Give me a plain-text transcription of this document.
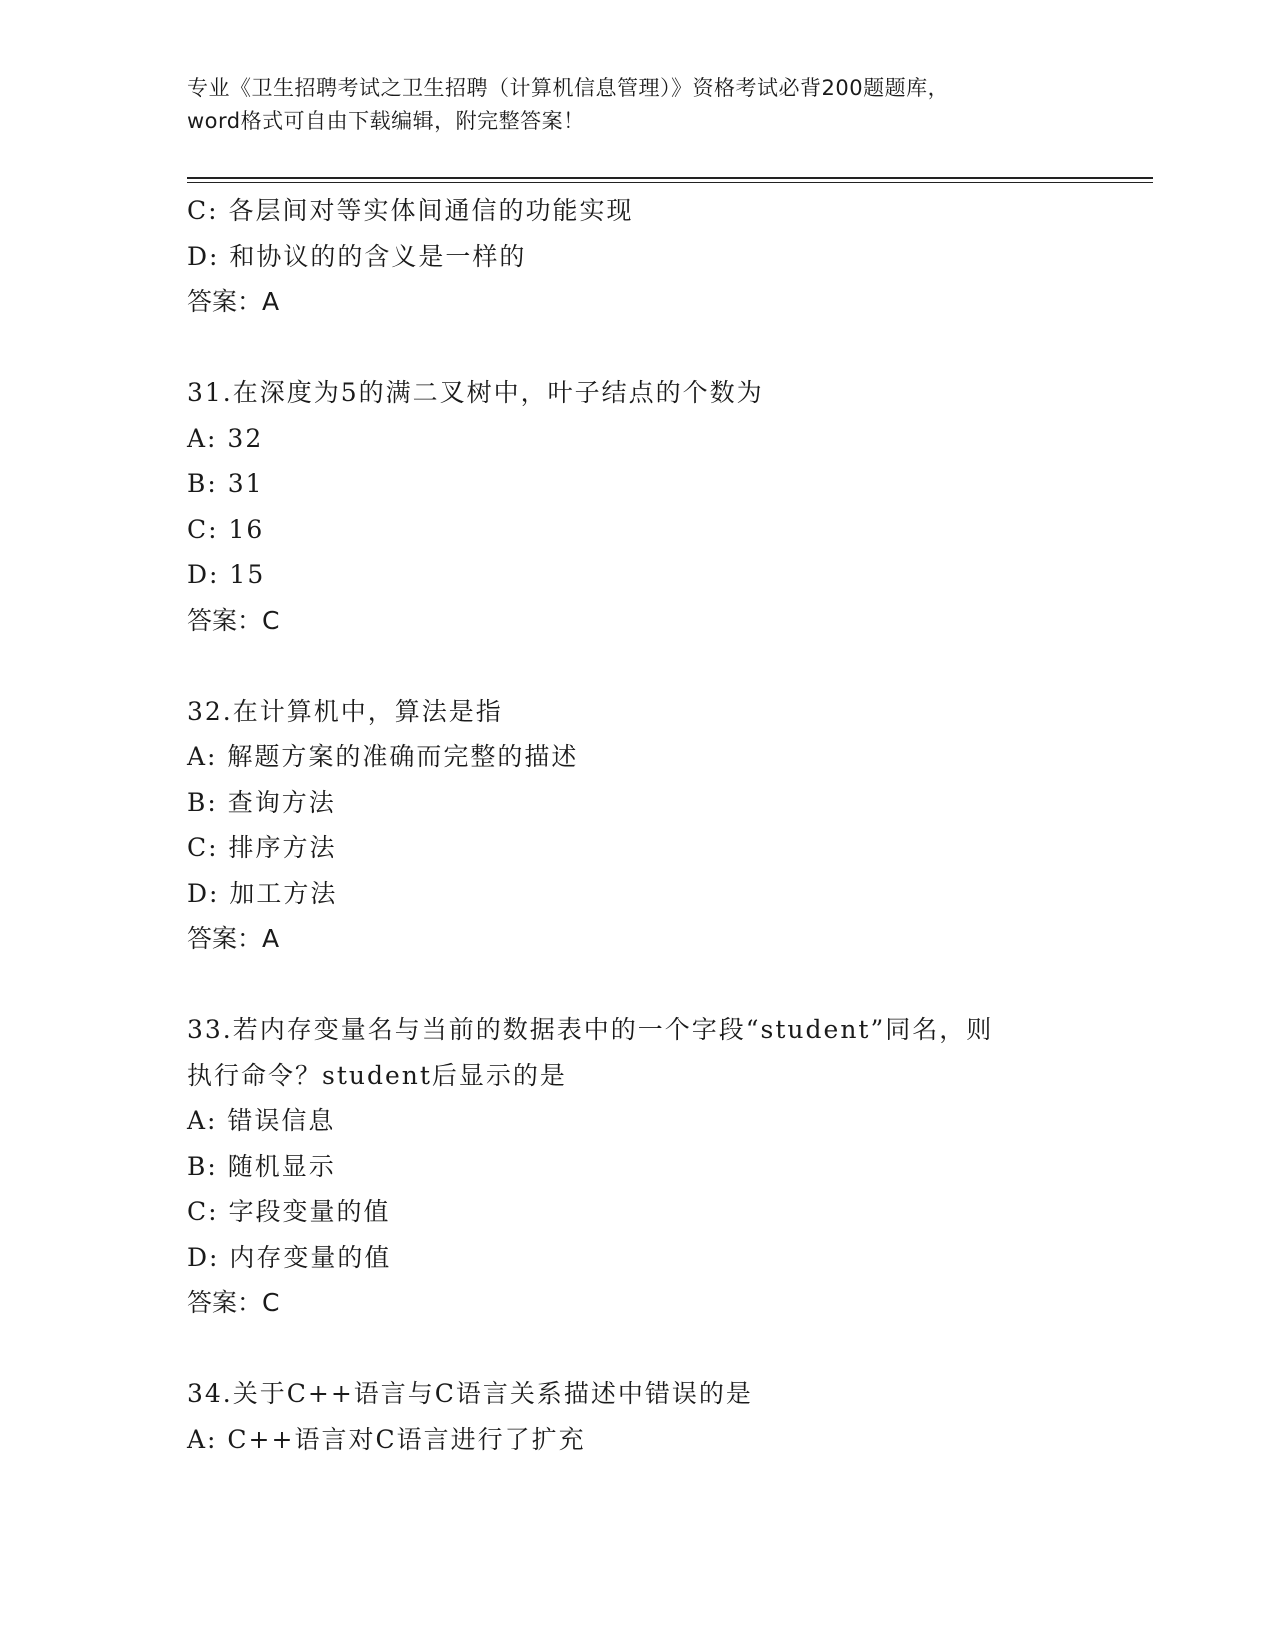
专业《卫生招聘考试之卫生招聘（计算机信息管理）》资格考试必背200题题库，
word格式可自由下载编辑，附完整答案！
C: 各层间对等实体间通信的功能实现
D: 和协议的的含义是一样的
答案：A
31.在深度为5的满二叉树中，叶子结点的个数为
A: 32
B: 31
C: 16
D: 15
答案：C
32.在计算机中，算法是指
A: 解题方案的准确而完整的描述
B: 查询方法
C: 排序方法
D: 加工方法
答案：A
33.若内存变量名与当前的数据表中的一个字段“student”同名，则
执行命令？student后显示的是
A: 错误信息
B: 随机显示
C: 字段变量的值
D: 内存变量的值
答案：C
34.关于C++语言与C语言关系描述中错误的是
A: C++语言对C语言进行了扩充
